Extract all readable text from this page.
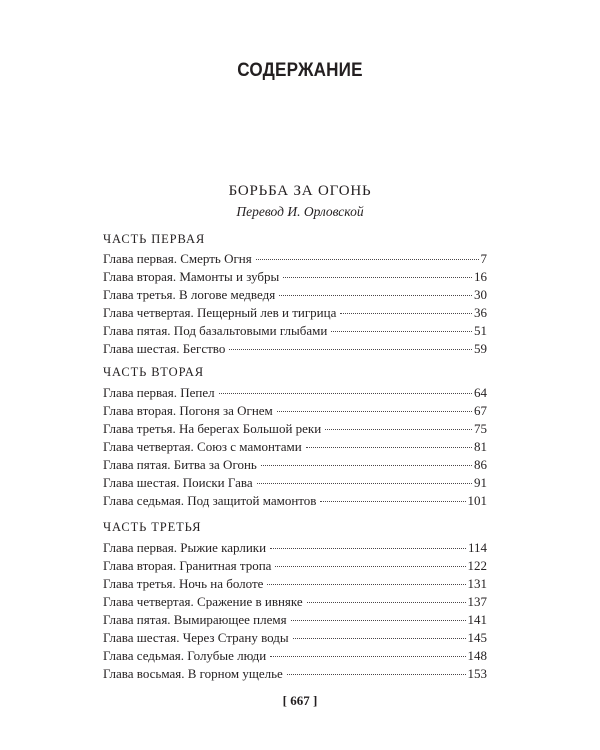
СОДЕРЖАНИЕ
БОРЬБА ЗА ОГОНЬ
Перевод И. Орловской
ЧАСТЬ ПЕРВАЯ
Глава первая. Смерть Огня	7
Глава вторая. Мамонты и зубры	16
Глава третья. В логове медведя	30
Глава четвертая. Пещерный лев и тигрица	36
Глава пятая. Под базальтовыми глыбами	51
Глава шестая. Бегство	59
ЧАСТЬ ВТОРАЯ
Глава первая. Пепел	64
Глава вторая. Погоня за Огнем	67
Глава третья. На берегах Большой реки	75
Глава четвертая. Союз с мамонтами	81
Глава пятая. Битва за Огонь	86
Глава шестая. Поиски Гава	91
Глава седьмая. Под защитой мамонтов	101
ЧАСТЬ ТРЕТЬЯ
Глава первая. Рыжие карлики	114
Глава вторая. Гранитная тропа	122
Глава третья. Ночь на болоте	131
Глава четвертая. Сражение в ивняке	137
Глава пятая. Вымирающее племя	141
Глава шестая. Через Страну воды	145
Глава седьмая. Голубые люди	148
Глава восьмая. В горном ущелье	153
[ 667 ]
